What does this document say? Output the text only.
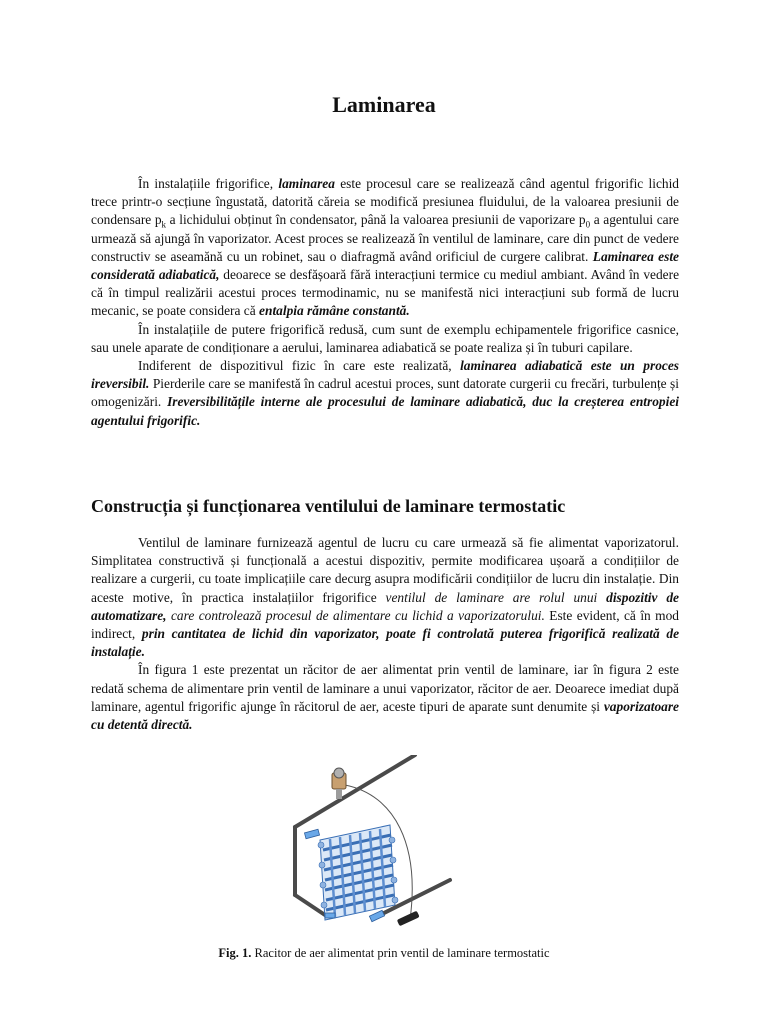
Laminarea

În instalațiile frigorifice, laminarea este procesul care se realizează când agentul frigorific lichid trece printr-o secțiune îngustată, datorită căreia se modifică presiunea fluidului, de la valoarea presiunii de condensare $p_k$ a lichidului obținut în condensator, până la valoarea presiunii de vaporizare $p_0$ a agentului care urmează să ajungă în vaporizator. Acest proces se realizează în ventilul de laminare, care din punct de vedere constructiv se aseamănă cu un robinet, sau o diafragmă având orificiul de curgere calibrat. Laminarea este considerată adiabatică, deoarece se desfășoară fără interacțiuni termice cu mediul ambiant. Având în vedere că în timpul realizării acestui proces termodinamic, nu se manifestă nici interacțiuni sub formă de lucru mecanic, se poate considera că entalpia rămâne constantă.

În instalațiile de putere frigorifică redusă, cum sunt de exemplu echipamentele frigorifice casnice, sau unele aparate de condiționare a aerului, laminarea adiabatică se poate realiza și în tuburi capilare.

Indiferent de dispozitivul fizic în care este realizată, laminarea adiabatică este un proces ireversibil. Pierderile care se manifestă în cadrul acestui proces, sunt datorate curgerii cu frecări, turbulențe și omogenizări. Ireversibilitățile interne ale procesului de laminare adiabatică, duc la creșterea entropiei agentului frigorific.

Construcția și funcționarea ventilului de laminare termostatic

Ventilul de laminare furnizează agentul de lucru cu care urmează să fie alimentat vaporizatorul. Simplitatea constructivă și funcțională a acestui dispozitiv, permite modificarea ușoară a condițiilor de realizare a curgerii, cu toate implicațiile care decurg asupra modificării condițiilor de lucru din instalație. Din aceste motive, în practica instalațiilor frigorifice ventilul de laminare are rolul unui dispozitiv de automatizare, care controlează procesul de alimentare cu lichid a vaporizatorului. Este evident, că în mod indirect, prin cantitatea de lichid din vaporizator, poate fi controlată puterea frigorifică realizată de instalație.

În figura 1 este prezentat un răcitor de aer alimentat prin ventil de laminare, iar în figura 2 este redată schema de alimentare prin ventil de laminare a unui vaporizator, răcitor de aer. Deoarece imediat după laminare, agentul frigorific ajunge în răcitorul de aer, aceste tipuri de aparate sunt denumite și vaporizatoare cu detentă directă.

Fig. 1. Racitor de aer alimentat prin ventil de laminare termostatic
